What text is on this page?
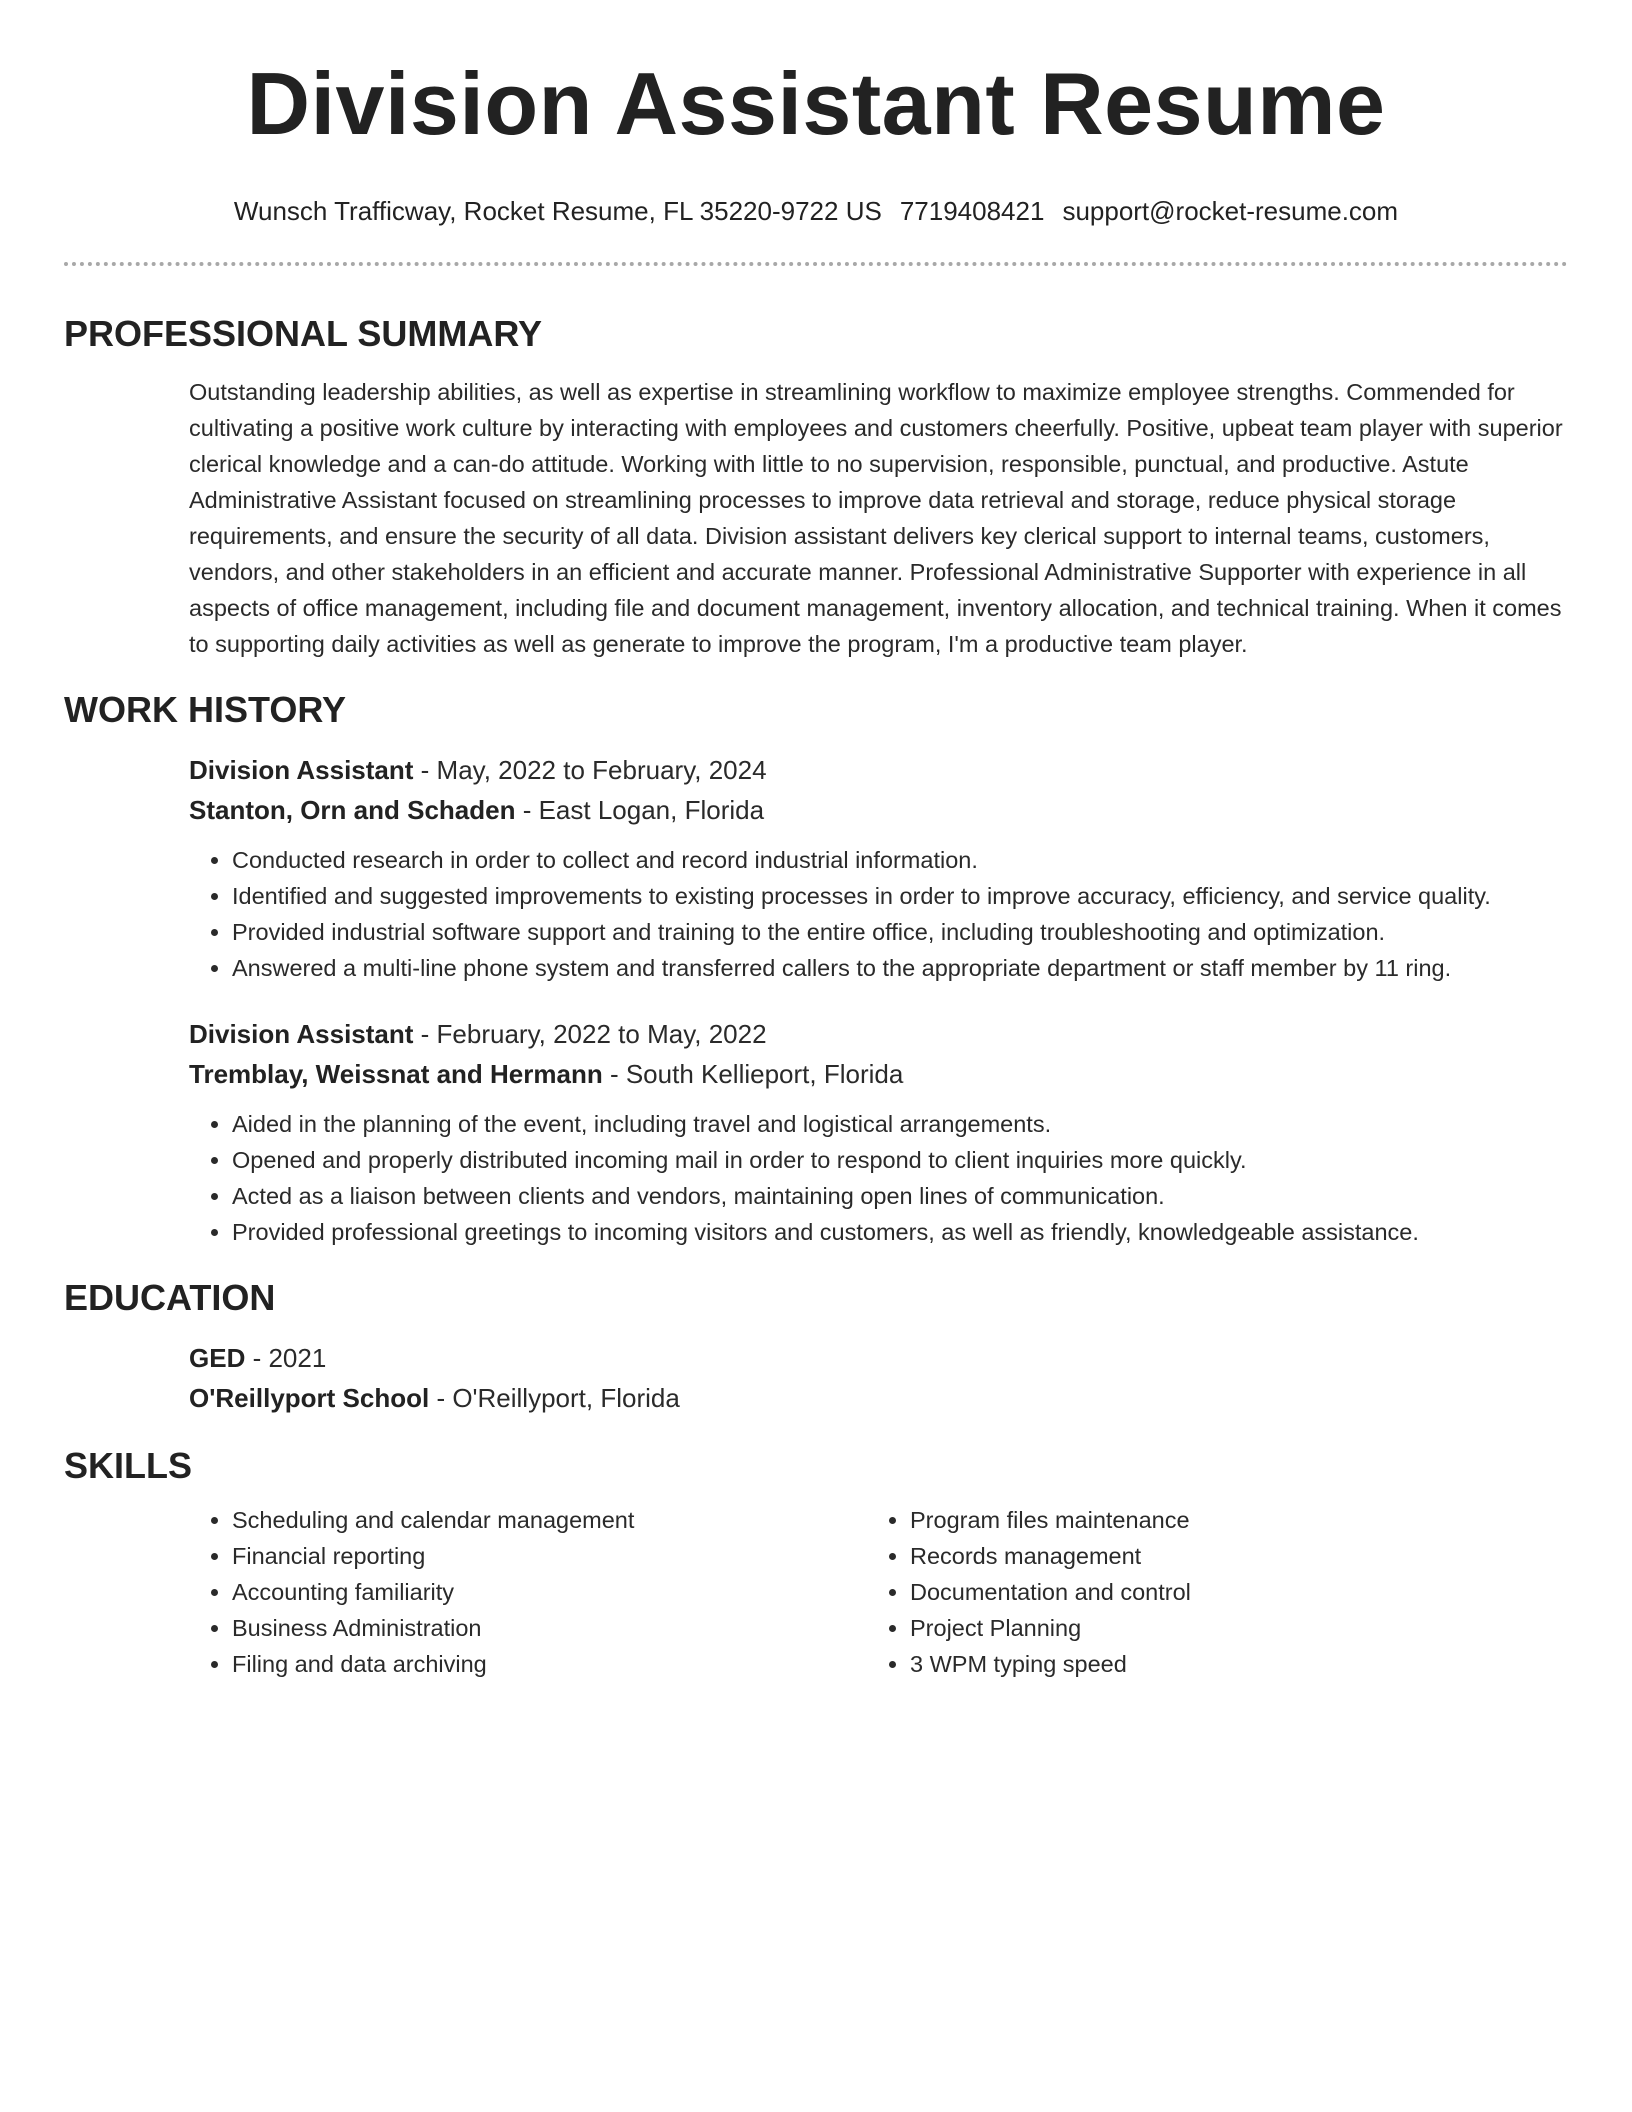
Division Assistant Resume
Wunsch Trafficway, Rocket Resume, FL 35220-9722 US 7719408421 support@rocket-resume.com
PROFESSIONAL SUMMARY
Outstanding leadership abilities, as well as expertise in streamlining workflow to maximize employee strengths. Commended for cultivating a positive work culture by interacting with employees and customers cheerfully. Positive, upbeat team player with superior clerical knowledge and a can-do attitude. Working with little to no supervision, responsible, punctual, and productive. Astute Administrative Assistant focused on streamlining processes to improve data retrieval and storage, reduce physical storage requirements, and ensure the security of all data. Division assistant delivers key clerical support to internal teams, customers, vendors, and other stakeholders in an efficient and accurate manner. Professional Administrative Supporter with experience in all aspects of office management, including file and document management, inventory allocation, and technical training. When it comes to supporting daily activities as well as generate to improve the program, I'm a productive team player.
WORK HISTORY
Division Assistant - May, 2022 to February, 2024
Stanton, Orn and Schaden - East Logan, Florida
• Conducted research in order to collect and record industrial information.
• Identified and suggested improvements to existing processes in order to improve accuracy, efficiency, and service quality.
• Provided industrial software support and training to the entire office, including troubleshooting and optimization.
• Answered a multi-line phone system and transferred callers to the appropriate department or staff member by 11 ring.
Division Assistant - February, 2022 to May, 2022
Tremblay, Weissnat and Hermann - South Kellieport, Florida
• Aided in the planning of the event, including travel and logistical arrangements.
• Opened and properly distributed incoming mail in order to respond to client inquiries more quickly.
• Acted as a liaison between clients and vendors, maintaining open lines of communication.
• Provided professional greetings to incoming visitors and customers, as well as friendly, knowledgeable assistance.
EDUCATION
GED - 2021
O'Reillyport School - O'Reillyport, Florida
SKILLS
• Scheduling and calendar management
• Financial reporting
• Accounting familiarity
• Business Administration
• Filing and data archiving
• Program files maintenance
• Records management
• Documentation and control
• Project Planning
• 3 WPM typing speed
